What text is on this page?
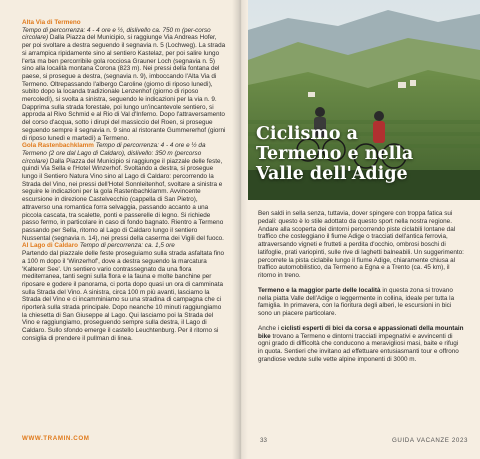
Alta Via di Termeno
Tempo di percorrenza: 4 - 4 ore e ½, dislivello ca. 750 m (per-corso circolare) Dalla Piazza del Municipio, si raggiunge Via Andreas Hofer, per poi svoltare a destra seguendo il segnavia n. 5 (Lochweg). La strada si arrampica ripidamente sino al sentiero Kastelaz, per poi salire lungo l'erta ma ben percorribile gola rocciosa Grauner Loch (segnavia n. 5) sino alla località montana Corona (823 m). Nei pressi della fontana del paese, si prosegue a destra, (segnavia n. 9), imboccando l'Alta Via di Termeno. Oltrepassando l'albergo Caroline (giorno di riposo lunedì), subito dopo la locanda tradizionale Lenzenhof (giorno di riposo mercoledì), si svolta a sinistra, seguendo le indicazioni per la via n. 9. Dapprima sulla strada forestale, poi lungo un'incantevole sentiero, si approda al Rivo Schmid e al Rio di Val d'Inferno. Dopo l'attraversamento del corso d'acqua, sotto i dirupi del massiccio del Roen, si prosegue seguendo sempre il segnavia n. 9 sino al ristorante Gummererhof (giorni di riposo lunedì e martedì) a Termeno.

Gola Rastenbachklamm Tempo di percorrenza: 4 - 4 ore e ½ da Termeno (2 ore dal Lago di Caldaro), dislivello: 350 m (percorso circolare) Dalla Piazza del Municipio si raggiunge il piazzale delle feste, quindi Via Sella e l'Hotel Winzerhof. Svoltando a destra, si prosegue lungo il Sentiero Natura Vino sino al Lago di Caldaro: percorrendo la Strada del Vino, nei pressi dell'Hotel Sonnleitenhof, svoltare a sinistra e seguire le indicazioni per la gola Rastenbachklamm. Avvincente escursione in direzione Castelvecchio (cappella di San Pietro), attraverso una romantica forra selvaggia, passando accanto a una piccola cascata, tra scalette, ponti e passerelle di legno. Si richiede passo fermo, in particolare in caso di fondo bagnato. Rientro a Termeno passando per Sella, ritorno al Lago di Caldaro lungo il sentiero Nussental (segnavia n. 14), nei pressi della caserma dei Vigili del fuoco.

Al Lago di Caldaro Tempo di percorrenza: ca. 1,5 ore
Partendo dal piazzale delle feste proseguiamo sulla strada asfaltata fino a 100 m dopo il 'Winzerhof', dove a destra seguendo la marcatura 'Kalterer See'. Un sentiero vario contrassegnato da una flora mediterranea, tanti segni sulla flora e la fauna e molte banchine per riposare e godere il panorama, ci porta dopo quasi un ora di camminata sulla Strada del Vino. A sinistra, circa 100 m più avanti, lasciamo la Strada del Vino e ci incamminiamo su una stradina di campagna che ci riporterà sulla strada principale. Dopo neanche 10 minuti raggiungiamo la chiesetta di San Giuseppe al Lago. Qui lasciamo poi la Strada del Vino e raggiungiamo, proseguendo sempre sulla destra, il Lago di Caldaro. Sullo sfondo emerge il castello Leuchtenburg. Per il ritorno si consiglia di prendere il pullman di linea.

WWW.TRAMIN.COM
Ciclismo a
Termeno e nella
Valle dell'Adige

Ben saldi in sella senza, tuttavia, dover spingere con troppa fatica sui pedali: questo è lo stile adottato da questo sport nella nostra regione. Andare alla scoperta dei dintorni percorrendo piste ciclabili lontane dal traffico che costeggiano il fiume Adige o tracciati dell'antica ferrovia, attraversando vigneti e frutteti a perdita d'occhio, ombrosi boschi di latifoglie, prati variopinti, sulle rive di laghetti balneabili. Un suggerimento: percorrete la pista ciclabile lungo il fiume Adige, chiaramente chiusa al traffico automobilistico, da Termeno a Egna e a Trento (ca. 45 km), il ritorno in treno.

Termeno e la maggior parte delle località in questa zona si trovano nella piatta Valle dell'Adige o leggermente in collina, ideale per tutta la famiglia. In primavera, con la fioritura degli alberi, le escursioni in bici sono un piacere particolare.

Anche i ciclisti esperti di bici da corsa e appassionati della mountain bike trovano a Termeno e dintorni tracciati impegnativi e avvincenti di ogni grado di difficoltà che conducono a meravigliosi masi, baite e rifugi in quota. Sentieri che invitano ad effettuare entusiasmanti tour e offrono grandiose vedute sulle vette alpine imponenti di 3000 m.

33	GUIDA VACANZE 2023
